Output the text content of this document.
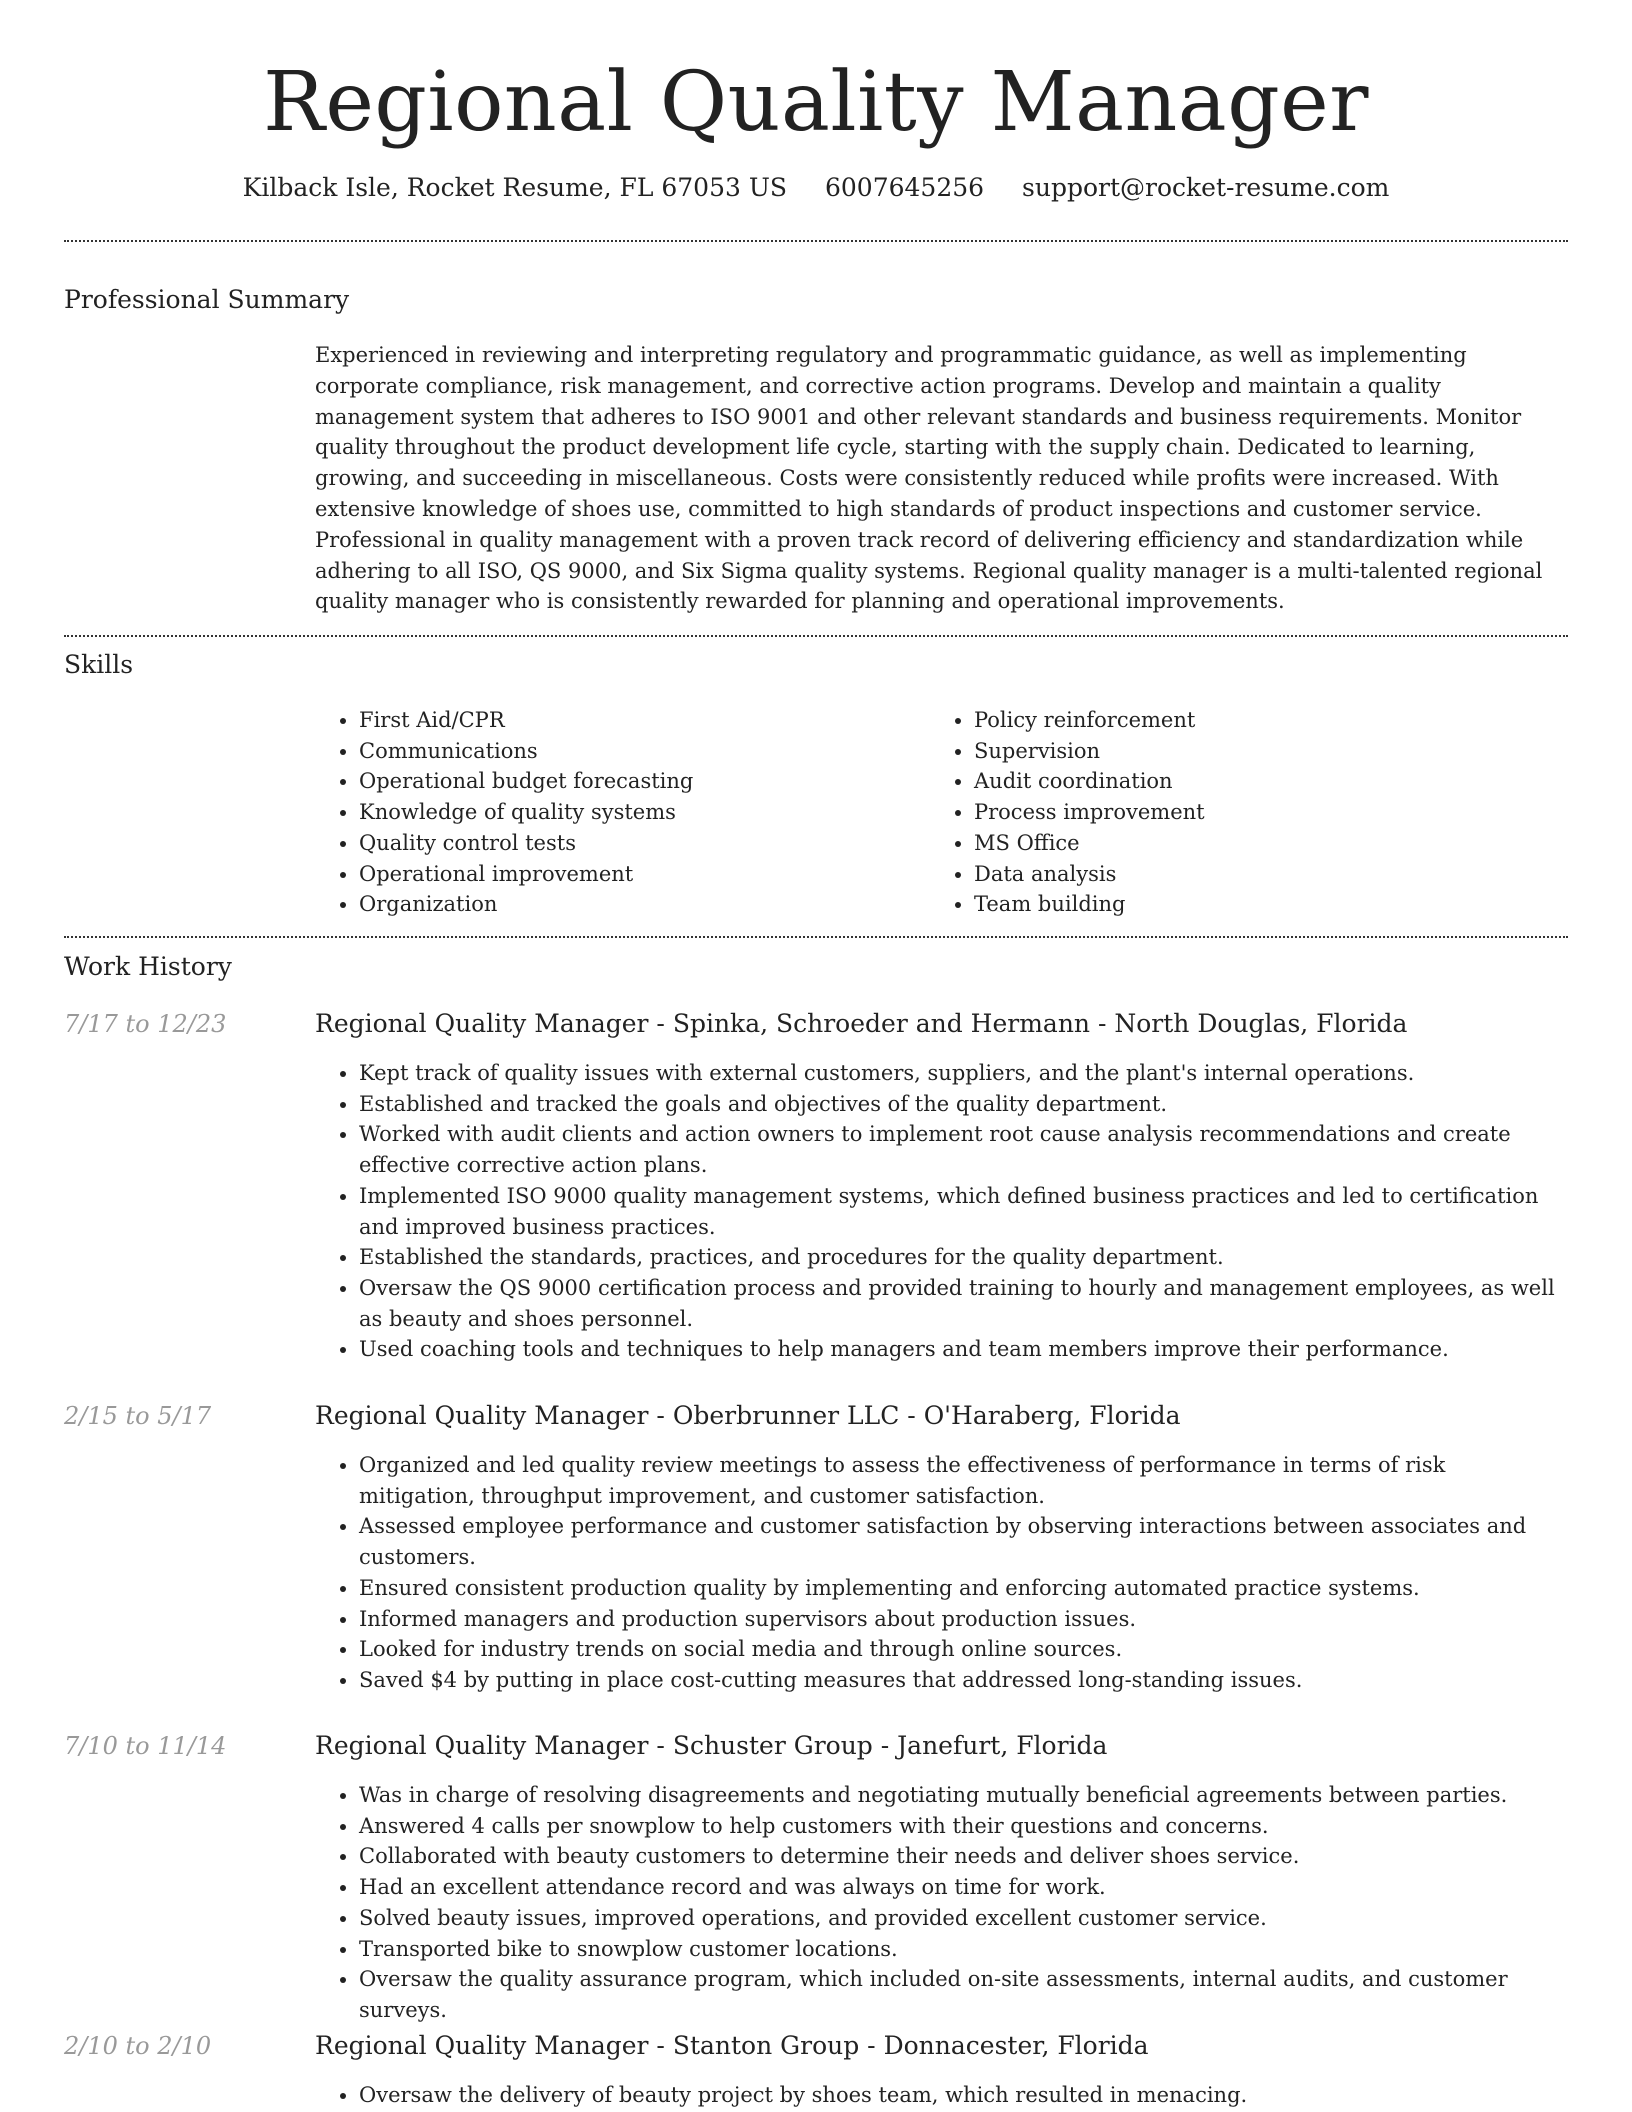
Regional Quality Manager
Kilback Isle, Rocket Resume, FL 67053 US 6007645256 support@rocket-resume.com
Professional Summary

Experienced in reviewing and interpreting regulatory and programmatic guidance, as well as implementing corporate compliance, risk management, and corrective action programs. Develop and maintain a quality management system that adheres to ISO 9001 and other relevant standards and business requirements. Monitor quality throughout the product development life cycle, starting with the supply chain. Dedicated to learning, growing, and succeeding in miscellaneous. Costs were consistently reduced while profits were increased. With extensive knowledge of shoes use, committed to high standards of product inspections and customer service. Professional in quality management with a proven track record of delivering efficiency and standardization while adhering to all ISO, QS 9000, and Six Sigma quality systems. Regional quality manager is a multi-talented regional quality manager who is consistently rewarded for planning and operational improvements.

Skills
• First Aid/CPR
• Communications
• Operational budget forecasting
• Knowledge of quality systems
• Quality control tests
• Operational improvement
• Organization
• Policy reinforcement
• Supervision
• Audit coordination
• Process improvement
• MS Office
• Data analysis
• Team building
Work History
7/17 to 12/23	Regional Quality Manager - Spinka, Schroeder and Hermann - North Douglas, Florida
• Kept track of quality issues with external customers, suppliers, and the plant's internal operations.
• Established and tracked the goals and objectives of the quality department.
• Worked with audit clients and action owners to implement root cause analysis recommendations and create effective corrective action plans.
• Implemented ISO 9000 quality management systems, which defined business practices and led to certification and improved business practices.
• Established the standards, practices, and procedures for the quality department.
• Oversaw the QS 9000 certification process and provided training to hourly and management employees, as well as beauty and shoes personnel.
• Used coaching tools and techniques to help managers and team members improve their performance.
2/15 to 5/17	Regional Quality Manager - Oberbrunner LLC - O'Haraberg, Florida
• Organized and led quality review meetings to assess the effectiveness of performance in terms of risk mitigation, throughput improvement, and customer satisfaction.
• Assessed employee performance and customer satisfaction by observing interactions between associates and customers.
• Ensured consistent production quality by implementing and enforcing automated practice systems.
• Informed managers and production supervisors about production issues.
• Looked for industry trends on social media and through online sources.
• Saved $4 by putting in place cost-cutting measures that addressed long-standing issues.
7/10 to 11/14	Regional Quality Manager - Schuster Group - Janefurt, Florida
• Was in charge of resolving disagreements and negotiating mutually beneficial agreements between parties.
• Answered 4 calls per snowplow to help customers with their questions and concerns.
• Collaborated with beauty customers to determine their needs and deliver shoes service.
• Had an excellent attendance record and was always on time for work.
• Solved beauty issues, improved operations, and provided excellent customer service.
• Transported bike to snowplow customer locations.
• Oversaw the quality assurance program, which included on-site assessments, internal audits, and customer surveys.
2/10 to 2/10	Regional Quality Manager - Stanton Group - Donnacester, Florida
• Oversaw the delivery of beauty project by shoes team, which resulted in menacing.
